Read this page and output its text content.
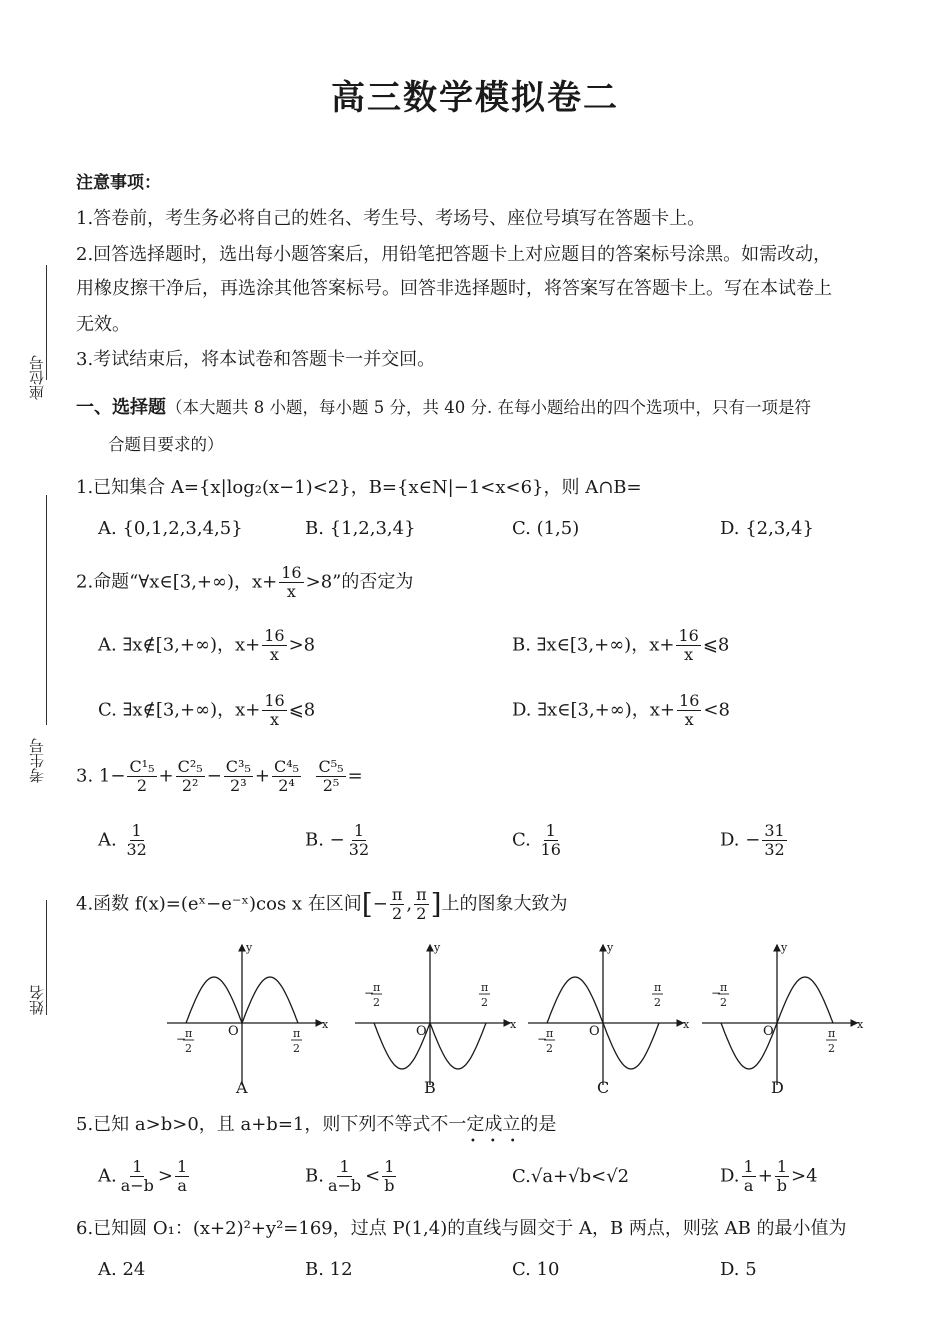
高三数学模拟卷二
座位号
考生号
姓名
注意事项：
1.答卷前，考生务必将自己的姓名、考生号、考场号、座位号填写在答题卡上。
2.回答选择题时，选出每小题答案后，用铅笔把答题卡上对应题目的答案标号涂黑。如需改动，
用橡皮擦干净后，再选涂其他答案标号。回答非选择题时，将答案写在答题卡上。写在本试卷上
无效。
3.考试结束后，将本试卷和答题卡一并交回。
一、选择题（本大题共 8 小题，每小题 5 分，共 40 分. 在每小题给出的四个选项中，只有一项是符
合题目要求的）
1.已知集合 A={x|log₂(x−1)<2}，B={x∈N|−1<x<6}，则 A∩B=
A. {0,1,2,3,4,5}	B. {1,2,3,4}	C. (1,5)	D. {2,3,4}
2.命题“∀x∈[3,+∞)，$x+ \frac{16}{x} >8$”的否定为
A. ∃x∉[3,+∞)，$x+ \frac{16}{x} >8$	B. ∃x∈[3,+∞)，$x+ \frac{16}{x}$ ⩽8
C. ∃x∉[3,+∞)，$x+ \frac{16}{x}$ ⩽8	D. ∃x∈[3,+∞)，$x+ \frac{16}{x} <8$
3. $1- \frac{\text{C¹₅}}{2} + \frac{\text{C²₅}}{\text{2²}} - \frac{\text{C³₅}}{\text{2³}} + \frac{\text{C⁴₅}}{\text{2⁴}}$
$\frac{\text{C⁵₅}}{\text{2⁵}}$ =
A. $\frac{1}{32}$	B. − $\frac{1}{32}$	C. $\frac{1}{16}$	D. − $\frac{31}{32}$
4.函数 f(x)=(eˣ−e⁻ˣ)cos x 在区间[− $\frac{\pi}{2}$ , $\frac{\pi}{2}$ ]上的图象大致为
y
x
O
−
π
2
π
2
A
y
x
O
−
π
2
π
2
B
y
x
O
−
π
2
π
2
C
y
x
O
−
π
2
π
2
D
5.已知 a>b>0，且 a+b=1，则下列不等式不一定成立的是
•••
A. $\frac{1}{a-b} > \frac{1}{a}$	B. $\frac{1}{a-b} < \frac{1}{b}$	C.√a+√b<√2	D. $\frac{1}{a} + \frac{1}{b} >4$
6.已知圆 O₁：(x+2)²+y²=169，过点 P(1,4)的直线与圆交于 A，B 两点，则弦 AB 的最小值为
A. 24	B. 12	C. 10	D. 5
